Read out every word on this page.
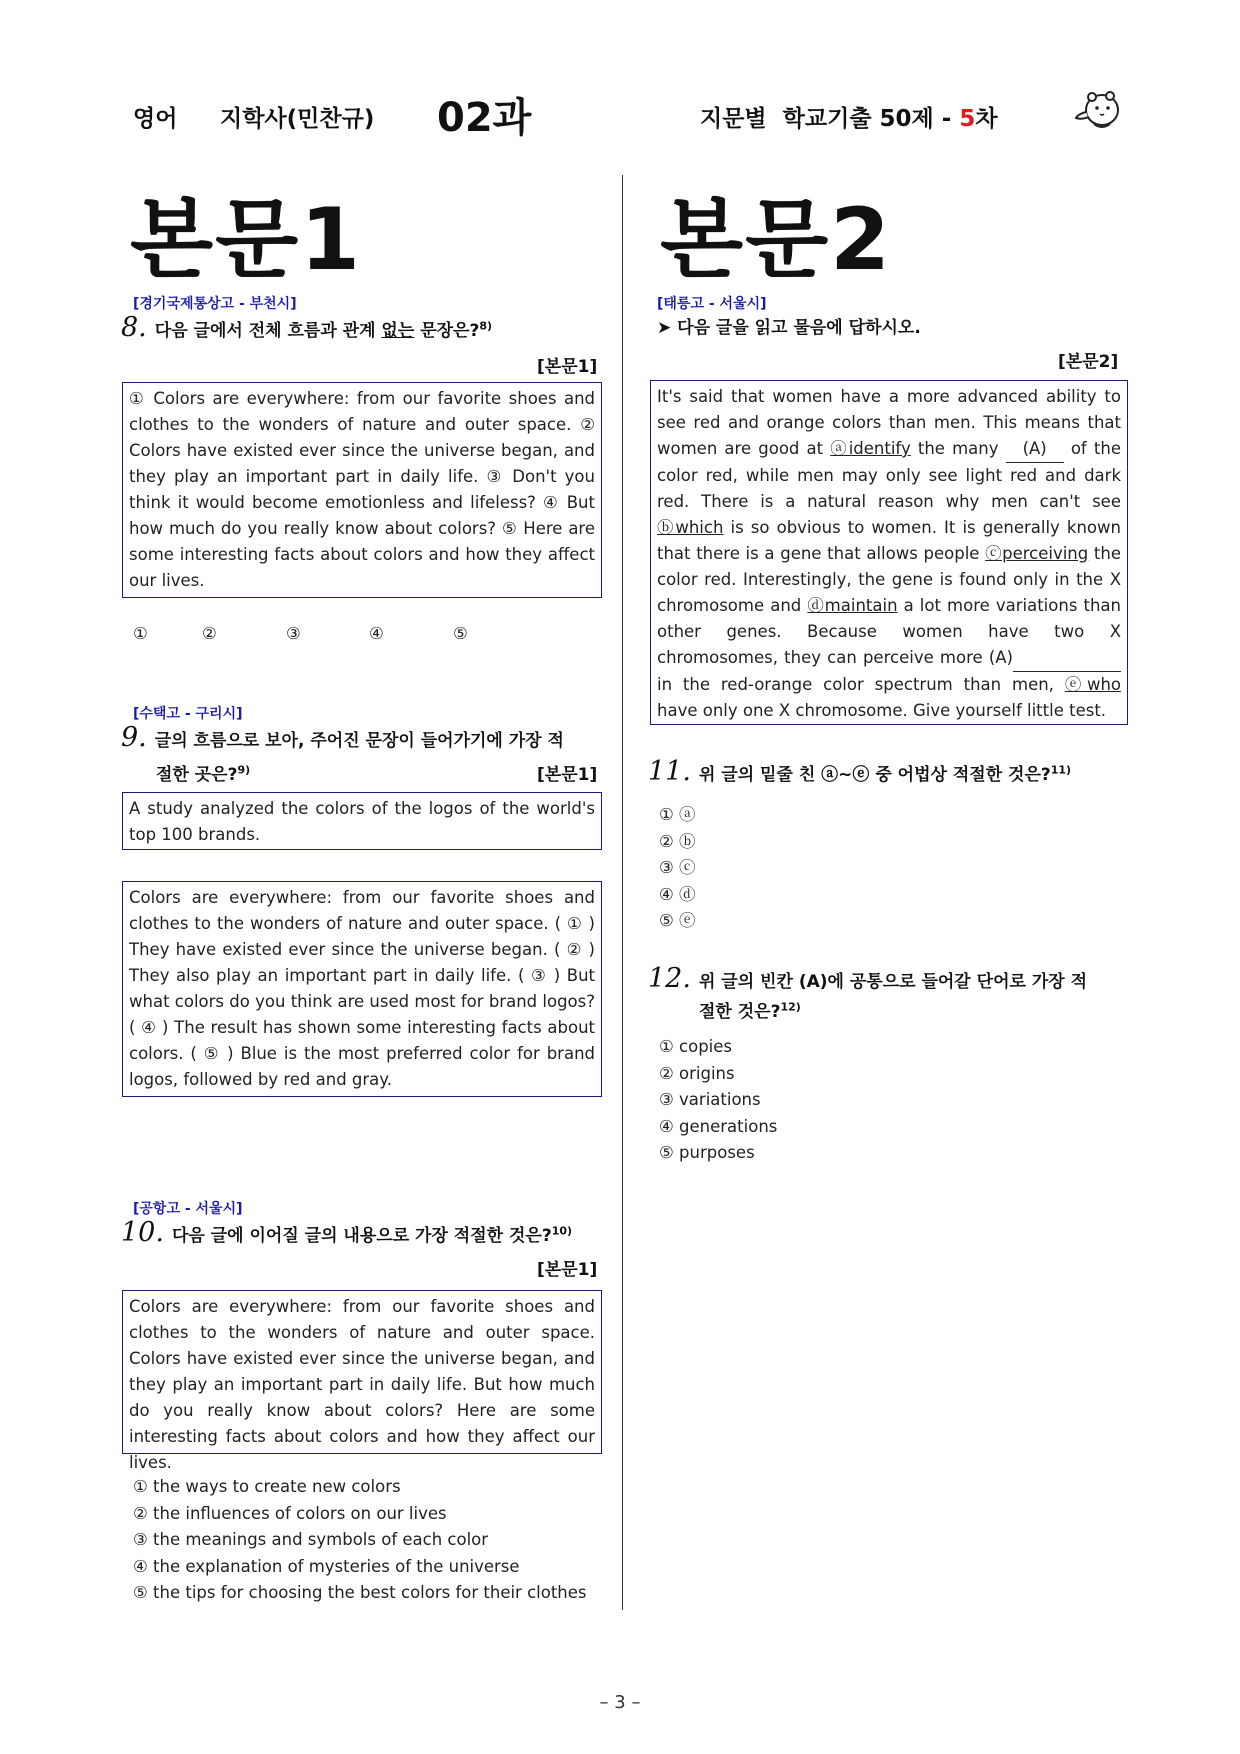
영어 지학사(민찬규) 02과	지문별  학교기출 50제 - 5차
본문1	본문2
[경기국제통상고 - 부천시]
8. 다음 글에서 전체 흐름과 관계 없는 문장은?$^{8)}$
[본문1]
① Colors are everywhere: from our favorite shoes and clothes to the wonders of nature and outer space. ② Colors have existed ever since the universe began, and they play an important part in daily life. ③ Don't you think it would become emotionless and lifeless? ④ But how much do you really know about colors? ⑤ Here are some interesting facts about colors and how they affect our lives.
①	②	③	④	⑤
[수택고 - 구리시]
9. 글의 흐름으로 보아, 주어진 문장이 들어가기에 가장 적
절한 곳은?$^{9)}$	[본문1]
A study analyzed the colors of the logos of the world's top 100 brands.
Colors are everywhere: from our favorite shoes and clothes to the wonders of nature and outer space. ( ① ) They have existed ever since the universe began. ( ② ) They also play an important part in daily life. ( ③ ) But what colors do you think are used most for brand logos? ( ④ ) The result has shown some interesting facts about colors. ( ⑤ ) Blue is the most preferred color for brand logos, followed by red and gray.
[공항고 - 서울시]
10. 다음 글에 이어질 글의 내용으로 가장 적절한 것은?$^{10)}$
[본문1]
Colors are everywhere: from our favorite shoes and clothes to the wonders of nature and outer space. Colors have existed ever since the universe began, and they play an important part in daily life. But how much do you really know about colors? Here are some interesting facts about colors and how they affect our lives.
① the ways to create new colors
② the influences of colors on our lives
③ the meanings and symbols of each color
④ the explanation of mysteries of the universe
⑤ the tips for choosing the best colors for their clothes
[태릉고 - 서울시]
➤ 다음 글을 읽고 물음에 답하시오.
[본문2]
It's said that women have a more advanced ability to see red and orange colors than men. This means that women are good at ⓐidentify the many (A) of the color red, while men may only see light red and dark red. There is a natural reason why men can't see ⓑwhich is so obvious to women. It is generally known that there is a gene that allows people ⓒperceiving the color red. Interestingly, the gene is found only in the X chromosome and ⓓmaintain a lot more variations than other genes. Because women have two X chromosomes, they can perceive more (A)  in the red-orange color spectrum than men, ⓔwho have only one X chromosome. Give yourself little test.
11. 위 글의 밑줄 친 ⓐ~ⓔ 중 어법상 적절한 것은?$^{11)}$
① ⓐ
② ⓑ
③ ⓒ
④ ⓓ
⑤ ⓔ
12. 위 글의 빈칸 (A)에 공통으로 들어갈 단어로 가장 적
절한 것은?$^{12)}$
① copies
② origins
③ variations
④ generations
⑤ purposes
– 3 –
